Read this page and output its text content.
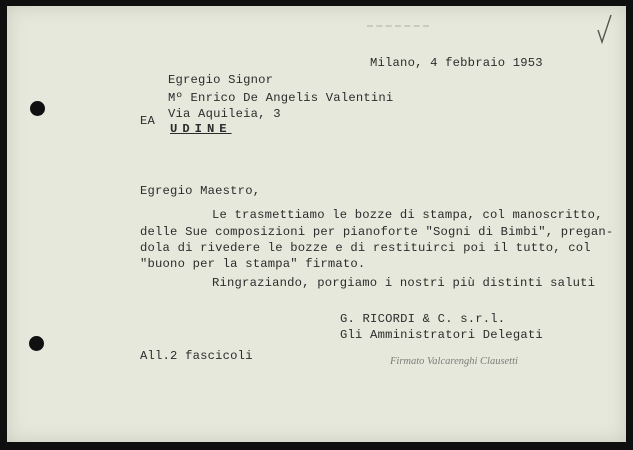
Milano, 4 febbraio 1953
Egregio Signor
Mº Enrico De Angelis Valentini
Via Aquileia, 3
UDINE
EA
Egregio Maestro,
Le trasmettiamo le bozze di stampa, col manoscritto,
delle Sue composizioni per pianoforte "Sogni di Bimbi", pregan-
dola di rivedere le bozze e di restituirci poi il tutto, col
"buono per la stampa" firmato.
Ringraziando, porgiamo i nostri più distinti saluti
G. RICORDI & C. s.r.l.
Gli Amministratori Delegati
All.2 fascicoli	Firmato Valcarenghi Clausetti
